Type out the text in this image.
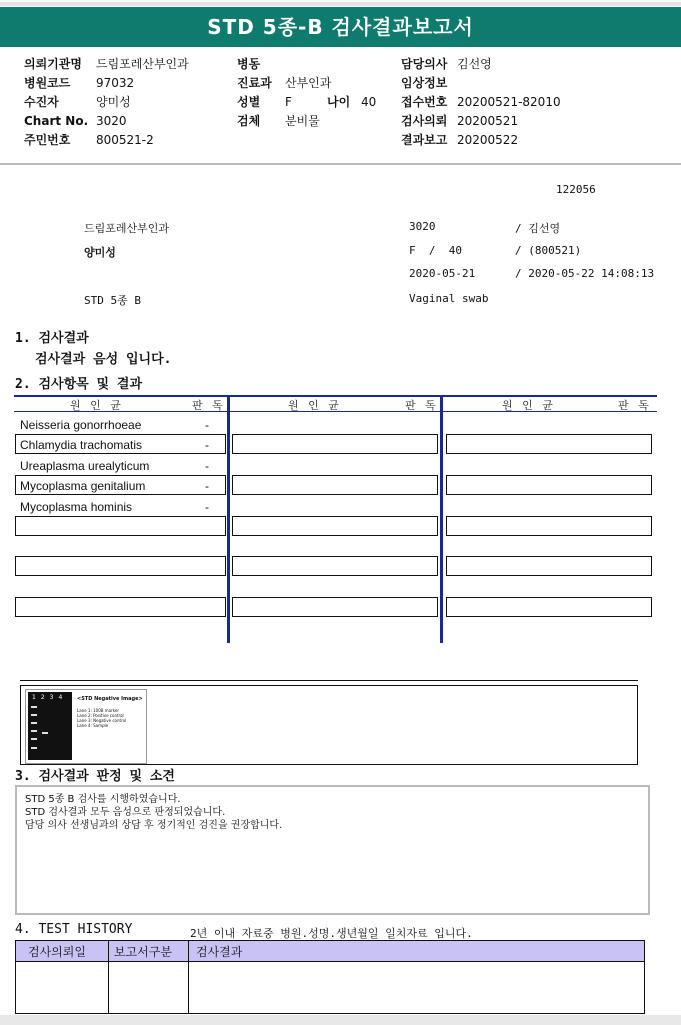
STD 5종-B 검사결과보고서
의뢰기관명 드림포레산부인과
병원코드 97032
수진자	양미성
Chart No. 3020
주민번호 800521-2
병동
진료과 산부인과
성별 F	나이 40
검체 분비물
담당의사 김선영
임상정보
접수번호 20200521-82010
검사의뢰 20200521
결과보고 20200522
122056
드림포레산부인과	3020	/ 김선영
양미성	F  /  40	/ (800521)
2020-05-21	/ 2020-05-22 14:08:13
STD 5종 B	Vaginal swab
1. 검사결과
검사결과 음성 입니다.
2. 검사항목 및 결과
원 인 균	판 독	원 인 균	판 독	원 인 균	판 독
Neisseria gonorrhoeae	-
Chlamydia trachomatis	-
Ureaplasma urealyticum	-
Mycoplasma genitalium	-
Mycoplasma hominis	-
1234 <STD Negative Image>
Lane 1: 100B marker
Lane 2: Positive control
Lane 3: Negative control
Lane 4: Sample
3. 검사결과 판정 및 소견
STD 5종 B 검사를 시행하였습니다.
STD 검사결과 모두 음성으로 판정되었습니다.
담당 의사 선생님과의 상담 후 정기적인 검진을 권장합니다.
4. TEST HISTORY	2년 이내 자료중 병원.성명.생년월일 일치자료 입니다.
검사의뢰일 보고서구분 검사결과
